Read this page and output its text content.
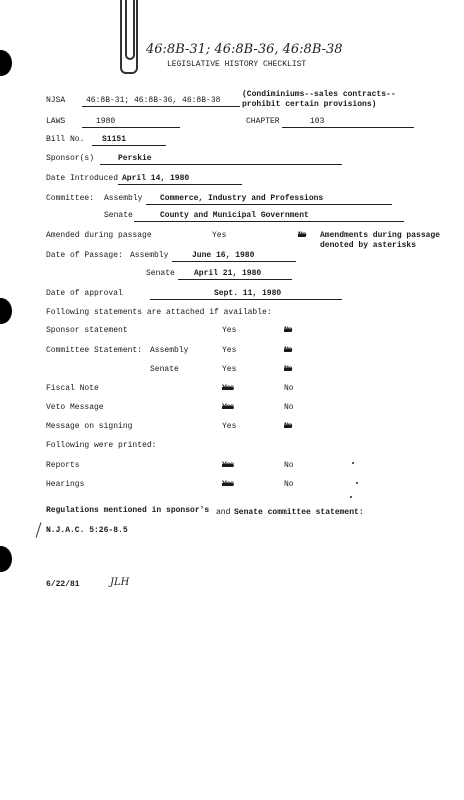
46:8B-31; 46:8B-36, 46:8B-38
LEGISLATIVE HISTORY CHECKLIST
NJSA	46:8B-31; 46:8B-36, 46:8B-38
(Condiminiums--sales contracts--
prohibit certain provisions)
LAWS	1980	CHAPTER	103
Bill No.	S1151
Sponsor(s)	Perskie
Date Introduced April 14, 1980
Committee: Assembly	Commerce, Industry and Professions
Senate	County and Municipal Government
Amended during passage	Yes	No Amendments during passage
denoted by asterisks
Date of Passage: Assembly	June 16, 1980
Senate	April 21, 1980
Date of approval	Sept. 11, 1980
Following statements are attached if available:
Sponsor statement	Yes	No
Committee Statement: Assembly	Yes	No
Senate	Yes	No
Fiscal Note	Yes	No
Veto Message	Yes	No
Message on signing	Yes	No
Following were printed:
Reports	Yes	No
Hearings	Yes	No
Regulations mentioned in sponsor's and Senate committee statement:
N.J.A.C. 5:26-8.5
6/22/81	JLH
